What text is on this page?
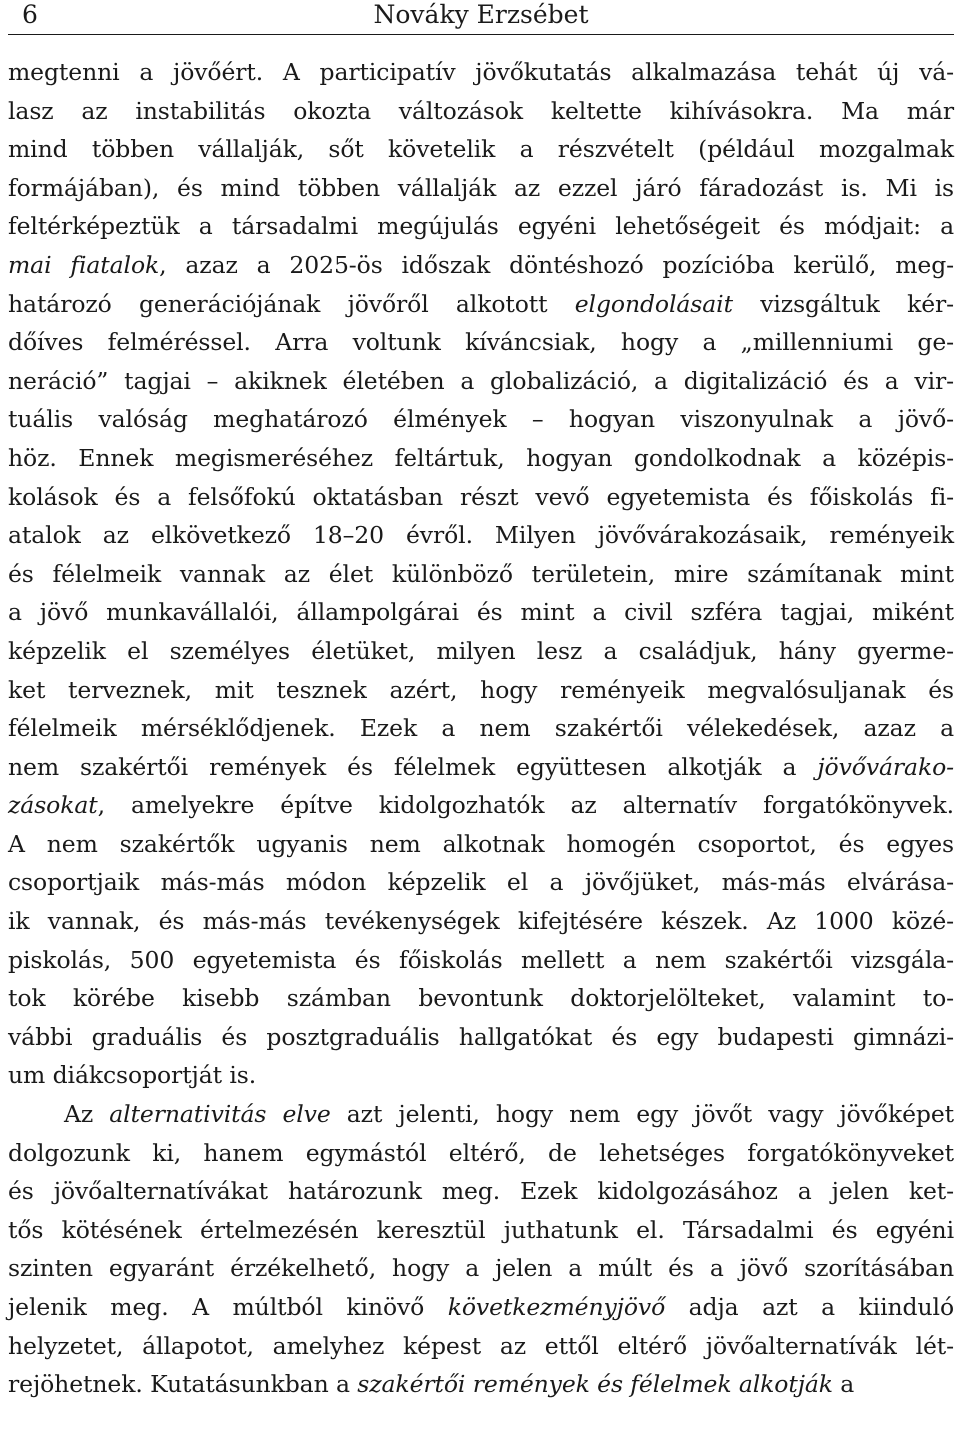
6	Nováky Erzsébet
megtenni a jövőért. A participatív jövőkutatás alkalmazása tehát új vá-
lasz az instabilitás okozta változások keltette kihívásokra. Ma már
mind többen vállalják, sőt követelik a részvételt (például mozgalmak
formájában), és mind többen vállalják az ezzel járó fáradozást is. Mi is
feltérképeztük a társadalmi megújulás egyéni lehetőségeit és módjait: a
mai fiatalok, azaz a 2025-ös időszak döntéshozó pozícióba kerülő, meg-
határozó generációjának jövőről alkotott elgondolásait vizsgáltuk kér-
dőíves felméréssel. Arra voltunk kíváncsiak, hogy a „millenniumi ge-
neráció” tagjai – akiknek életében a globalizáció, a digitalizáció és a vir-
tuális valóság meghatározó élmények – hogyan viszonyulnak a jövő-
höz. Ennek megismeréséhez feltártuk, hogyan gondolkodnak a középis-
kolások és a felsőfokú oktatásban részt vevő egyetemista és főiskolás fi-
atalok az elkövetkező 18–20 évről. Milyen jövővárakozásaik, reményeik
és félelmeik vannak az élet különböző területein, mire számítanak mint
a jövő munkavállalói, állampolgárai és mint a civil szféra tagjai, miként
képzelik el személyes életüket, milyen lesz a családjuk, hány gyerme-
ket terveznek, mit tesznek azért, hogy reményeik megvalósuljanak és
félelmeik mérséklődjenek. Ezek a nem szakértői vélekedések, azaz a
nem szakértői remények és félelmek együttesen alkotják a jövővárako-
zásokat, amelyekre építve kidolgozhatók az alternatív forgatókönyvek.
A nem szakértők ugyanis nem alkotnak homogén csoportot, és egyes
csoportjaik más-más módon képzelik el a jövőjüket, más-más elvárása-
ik vannak, és más-más tevékenységek kifejtésére készek. Az 1000 közé-
piskolás, 500 egyetemista és főiskolás mellett a nem szakértői vizsgála-
tok körébe kisebb számban bevontunk doktorjelölteket, valamint to-
vábbi graduális és posztgraduális hallgatókat és egy budapesti gimnázi-
um diákcsoportját is.
Az alternativitás elve azt jelenti, hogy nem egy jövőt vagy jövőképet
dolgozunk ki, hanem egymástól eltérő, de lehetséges forgatókönyveket
és jövőalternatívákat határozunk meg. Ezek kidolgozásához a jelen ket-
tős kötésének értelmezésén keresztül juthatunk el. Társadalmi és egyéni
szinten egyaránt érzékelhető, hogy a jelen a múlt és a jövő szorításában
jelenik meg. A múltból kinövő következményjövő adja azt a kiinduló
helyzetet, állapotot, amelyhez képest az ettől eltérő jövőalternatívák lét-
rejöhetnek. Kutatásunkban a szakértői remények és félelmek alkotják a
